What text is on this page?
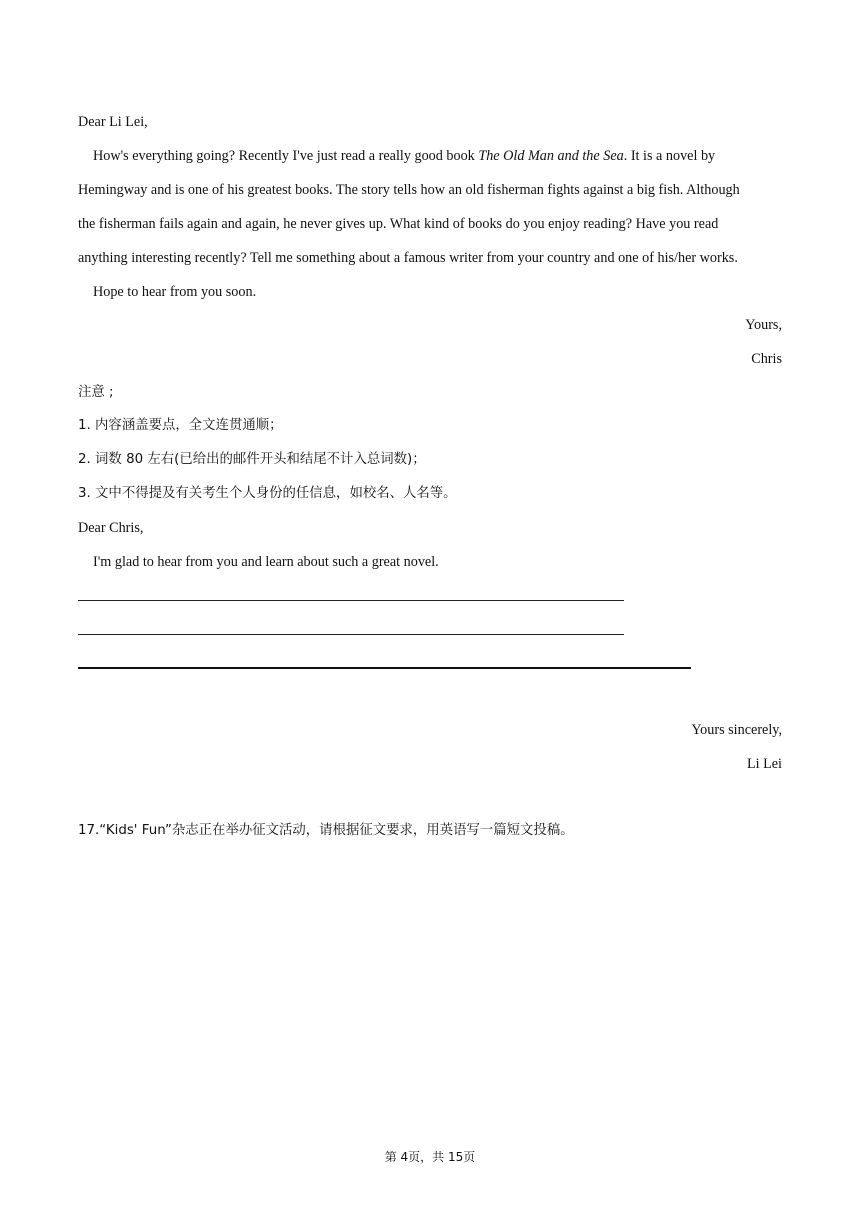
Dear Li Lei,
How's everything going? Recently I've just read a really good book The Old Man and the Sea. It is a novel by
Hemingway and is one of his greatest books. The story tells how an old fisherman fights against a big fish. Although
the fisherman fails again and again, he never gives up. What kind of books do you enjoy reading? Have you read
anything interesting recently? Tell me something about a famous writer from your country and one of his/her works.
Hope to hear from you soon.
Yours,
Chris
注意 ;
1. 内容涵盖要点，全文连贯通顺；
2. 词数 80 左右(已给出的邮件开头和结尾不计入总词数)；
3. 文中不得提及有关考生个人身份的任信息，如校名、人名等。
Dear Chris,
I'm glad to hear from you and learn about such a great novel.
Yours sincerely,
Li Lei
17.“Kids' Fun”杂志正在举办征文活动，请根据征文要求，用英语写一篇短文投稿。
第 4页，共 15页
